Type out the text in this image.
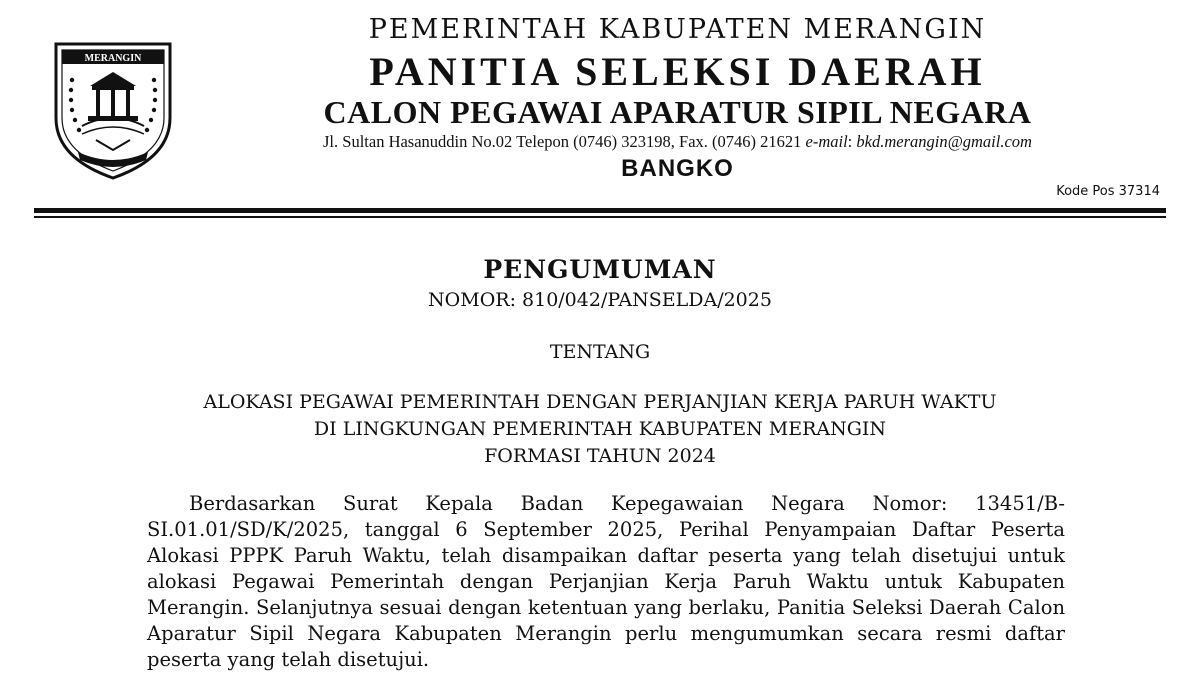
MERANGIN
PEMERINTAH KABUPATEN MERANGIN
PANITIA SELEKSI DAERAH
CALON PEGAWAI APARATUR SIPIL NEGARA
Jl. Sultan Hasanuddin No.02 Telepon (0746) 323198, Fax. (0746) 21621 e-mail: bkd.merangin@gmail.com
BANGKO
Kode Pos 37314
PENGUMUMAN
NOMOR: 810/042/PANSELDA/2025
TENTANG
ALOKASI PEGAWAI PEMERINTAH DENGAN PERJANJIAN KERJA PARUH WAKTU
DI LINGKUNGAN PEMERINTAH KABUPATEN MERANGIN
FORMASI TAHUN 2024

Berdasarkan Surat Kepala Badan Kepegawaian Negara Nomor: 13451/B-SI.01.01/SD/K/2025, tanggal 6 September 2025, Perihal Penyampaian Daftar Peserta Alokasi PPPK Paruh Waktu, telah disampaikan daftar peserta yang telah disetujui untuk alokasi Pegawai Pemerintah dengan Perjanjian Kerja Paruh Waktu untuk Kabupaten Merangin. Selanjutnya sesuai dengan ketentuan yang berlaku, Panitia Seleksi Daerah Calon Aparatur Sipil Negara Kabupaten Merangin perlu mengumumkan secara resmi daftar peserta yang telah disetujui.
